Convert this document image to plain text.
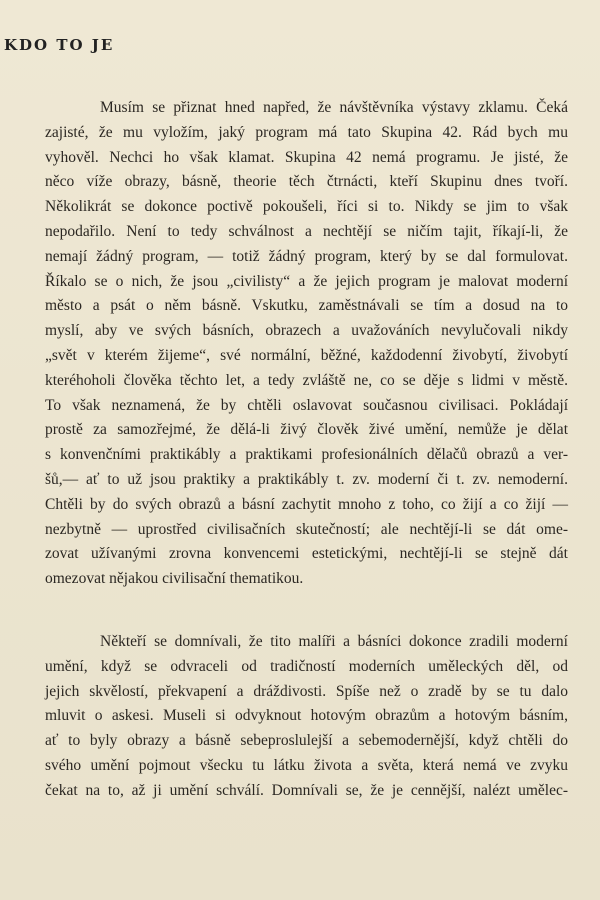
KDO TO JE
Musím se přiznat hned napřed, že návštěvníka výstavy zklamu. Čeká
zajisté, že mu vyložím, jaký program má tato Skupina 42. Rád bych mu
vyhověl. Nechci ho však klamat. Skupina 42 nemá programu. Je jisté, že
něco víže obrazy, básně, theorie těch čtrnácti, kteří Skupinu dnes tvoří.
Několikrát se dokonce poctivě pokoušeli, říci si to. Nikdy se jim to však
nepodařilo. Není to tedy schválnost a nechtějí se ničím tajit, říkají-li, že
nemají žádný program, — totiž žádný program, který by se dal formulovat.
Říkalo se o nich, že jsou „civilisty“ a že jejich program je malovat moderní
město a psát o něm básně. Vskutku, zaměstnávali se tím a dosud na to
myslí, aby ve svých básních, obrazech a uvažováních nevylučovali nikdy
„svět v kterém žijeme“, své normální, běžné, každodenní živobytí, živobytí
kteréhoholi člověka těchto let, a tedy zvláště ne, co se děje s lidmi v městě.
To však neznamená, že by chtěli oslavovat současnou civilisaci. Pokládají
prostě za samozřejmé, že dělá-li živý člověk živé umění, nemůže je dělat
s konvenčními praktikábly a praktikami profesionálních dělačů obrazů a ver-
šů,— ať to už jsou praktiky a praktikábly t. zv. moderní či t. zv. nemoderní.
Chtěli by do svých obrazů a básní zachytit mnoho z toho, co žijí a co žijí —
nezbytně — uprostřed civilisačních skutečností; ale nechtějí-li se dát ome-
zovat užívanými zrovna konvencemi estetickými, nechtějí-li se stejně dát
omezovat nějakou civilisační thematikou.
Někteří se domnívali, že tito malíři a básníci dokonce zradili moderní
umění, když se odvraceli od tradičností moderních uměleckých děl, od
jejich skvělostí, překvapení a dráždivosti. Spíše než o zradě by se tu dalo
mluvit o askesi. Museli si odvyknout hotovým obrazům a hotovým básním,
ať to byly obrazy a básně sebeproslulejší a sebemodernější, když chtěli do
svého umění pojmout všecku tu látku života a světa, která nemá ve zvyku
čekat na to, až ji umění schválí. Domnívali se, že je cennější, nalézt umělec-
